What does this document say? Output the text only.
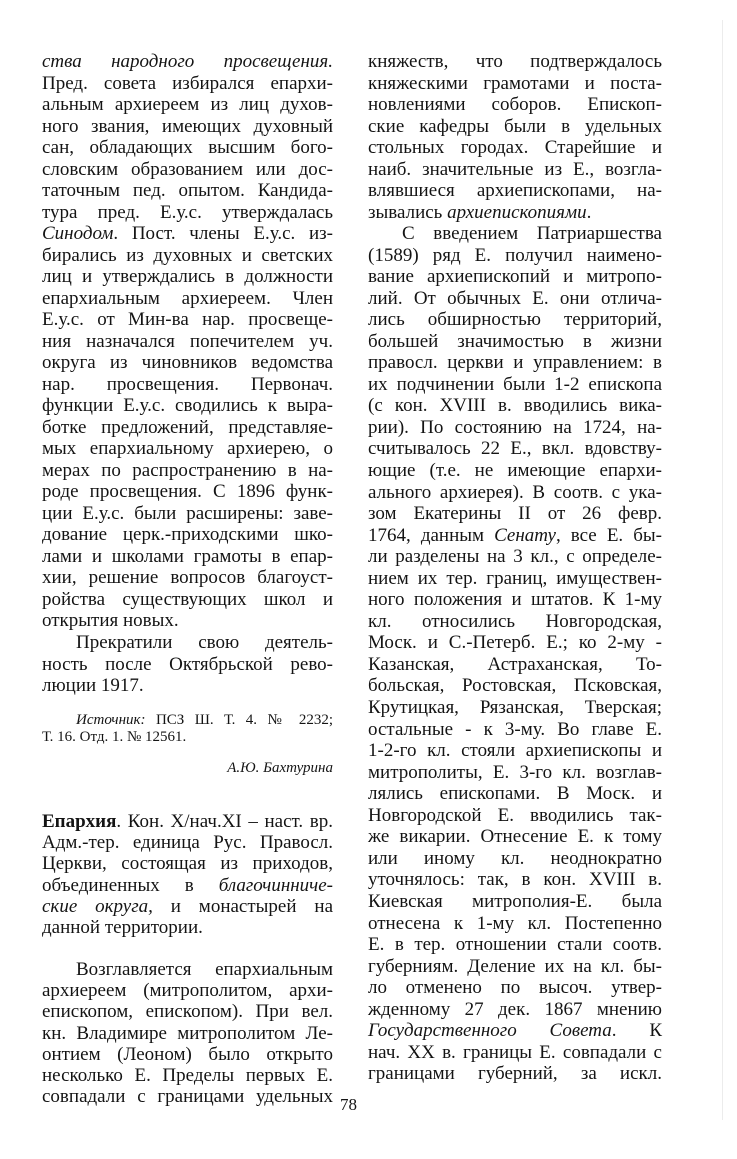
ства народного просвещения.
Пред. совета избирался епархи-
альным архиереем из лиц духов-
ного звания, имеющих духовный
сан, обладающих высшим бого-
словским образованием или дос-
таточным пед. опытом. Кандида-
тура пред. Е.у.с. утверждалась
Синодом. Пост. члены Е.у.с. из-
бирались из духовных и светских
лиц и утверждались в должности
епархиальным архиереем. Член
Е.у.с. от Мин-ва нар. просвеще-
ния назначался попечителем уч.
округа из чиновников ведомства
нар. просвещения. Первонач.
функции Е.у.с. сводились к выра-
ботке предложений, представляе-
мых епархиальному архиерею, о
мерах по распространению в на-
роде просвещения. С 1896 функ-
ции Е.у.с. были расширены: заве-
дование церк.-приходскими шко-
лами и школами грамоты в епар-
хии, решение вопросов благоуст-
ройства существующих школ и
открытия новых.
Прекратили свою деятель-
ность после Октябрьской рево-
люции 1917.
Источник: ПСЗ Ш. Т. 4. № 2232;
Т. 16. Отд. 1. № 12561.
А.Ю. Бахтурина
Епархия. Кон. X/нач.XI – наст. вр.
Адм.-тер. единица Рус. Правосл.
Церкви, состоящая из приходов,
объединенных в благочинниче-
ские округа, и монастырей на
данной территории.
Возглавляется епархиальным
архиереем (митрополитом, архи-
епископом, епископом). При вел.
кн. Владимире митрополитом Ле-
онтием (Леоном) было открыто
несколько Е. Пределы первых Е.
совпадали с границами удельных
княжеств, что подтверждалось
княжескими грамотами и поста-
новлениями соборов. Епископ-
ские кафедры были в удельных
стольных городах. Старейшие и
наиб. значительные из Е., возгла-
влявшиеся архиепископами, на-
зывались архиепископиями.
С введением Патриаршества
(1589) ряд Е. получил наимено-
вание архиепископий и митропо-
лий. От обычных Е. они отлича-
лись обширностью территорий,
большей значимостью в жизни
правосл. церкви и управлением: в
их подчинении были 1-2 епископа
(с кон. XVIII в. вводились вика-
рии). По состоянию на 1724, на-
считывалось 22 Е., вкл. вдовству-
ющие (т.е. не имеющие епархи-
ального архиерея). В соотв. с ука-
зом Екатерины II от 26 февр.
1764, данным Сенату, все Е. бы-
ли разделены на 3 кл., с определе-
нием их тер. границ, имуществен-
ного положения и штатов. К 1-му
кл. относились Новгородская,
Моск. и С.-Петерб. Е.; ко 2-му -
Казанская, Астраханская, То-
больская, Ростовская, Псковская,
Крутицкая, Рязанская, Тверская;
остальные - к 3-му. Во главе Е.
1-2-го кл. стояли архиепископы и
митрополиты, Е. 3-го кл. возглав-
лялись епископами. В Моск. и
Новгородской Е. вводились так-
же викарии. Отнесение Е. к тому
или иному кл. неоднократно
уточнялось: так, в кон. XVIII в.
Киевская митрополия-Е. была
отнесена к 1-му кл. Постепенно
Е. в тер. отношении стали соотв.
губерниям. Деление их на кл. бы-
ло отменено по высоч. утвер-
жденному 27 дек. 1867 мнению
Государственного Совета. К
нач. XX в. границы Е. совпадали с
границами губерний, за искл.
78
